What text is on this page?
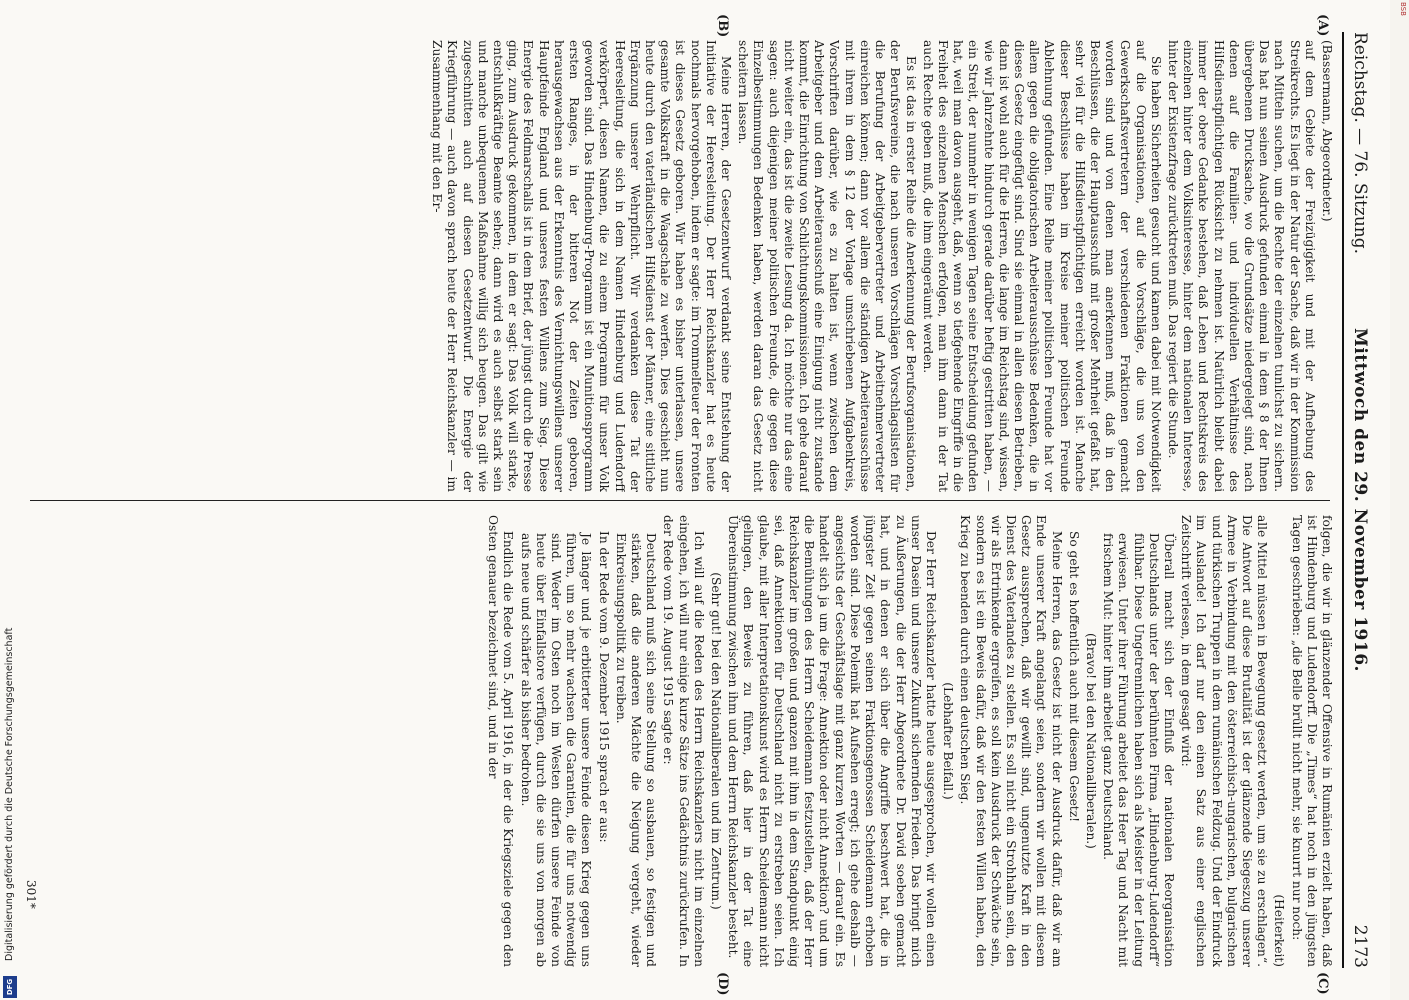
Reichstag. — 76. Sitzung.
Mittwoch den 29. November 1916.
2173
(A)
(B)
(C)
(D)

(Bassermann, Abgeordneter.)

auf dem Gebiete der Freizügigkeit und mit der Aufhebung des Streikrechts. Es liegt in der Natur der Sache, daß wir in der Kommission nach Mitteln suchen, um die Rechte der einzelnen tunlichst zu sichern. Das hat nun seinen Ausdruck gefunden einmal in dem § 8 der Ihnen übergebenen Drucksache, wo die Grundsätze niedergelegt sind, nach denen auf die Familien- und individuellen Verhältnisse des Hilfsdienstpflichtigen Rücksicht zu nehmen ist. Natürlich bleibt dabei immer der obere Gedanke bestehen, daß Leben und Rechtskreis des einzelnen hinter dem Volksinteresse, hinter dem nationalen Interesse, hinter der Existenzfrage zurücktreten muß. Das regiert die Stunde.

Sie haben Sicherheiten gesucht und kamen dabei mit Notwendigkeit auf die Organisationen, auf die Vorschläge, die uns von den Gewerkschaftsvertretern der verschiedenen Fraktionen gemacht worden sind und von denen man anerkennen muß, daß in den Beschlüssen, die der Hauptausschuß mit großer Mehrheit gefaßt hat, sehr viel für die Hilfsdienstpflichtigen erreicht worden ist. Manche dieser Beschlüsse haben im Kreise meiner politischen Freunde Ablehnung gefunden. Eine Reihe meiner politischen Freunde hat vor allem gegen die obligatorischen Arbeiterausschüsse Bedenken, die in dieses Gesetz eingefügt sind. Sind sie einmal in allen diesen Betrieben, dann ist wohl auch für die Herren, die lange im Reichstag sind, wissen, wie wir Jahrzehnte hindurch gerade darüber heftig gestritten haben, — ein Streit, der nunmehr in wenigen Tagen seine Entscheidung gefunden hat, weil man davon ausgeht, daß, wenn so tiefgehende Eingriffe in die Freiheit des einzelnen Menschen erfolgen, man ihm dann in der Tat auch Rechte geben muß, die ihm eingeräumt werden.

Es ist das in erster Reihe die Anerkennung der Berufsorganisationen, der Berufsvereine, die nach unseren Vorschlägen Vorschlagslisten für die Berufung der Arbeitgebervertreter und Arbeitnehmervertreter einreichen können; dann vor allem die ständigen Arbeiterausschüsse mit ihrem in dem § 12 der Vorlage umschriebenen Aufgabenkreis, Vorschriften darüber, wie es zu halten ist, wenn zwischen dem Arbeitgeber und dem Arbeiterausschuß eine Einigung nicht zustande kommt, die Einrichtung von Schlichtungskommissionen. Ich gehe darauf nicht weiter ein, das ist die zweite Lesung da. Ich möchte nur das eine sagen: auch diejenigen meiner politischen Freunde, die gegen diese Einzelbestimmungen Bedenken haben, werden daran das Gesetz nicht scheitern lassen.

Meine Herren, der Gesetzentwurf verdankt seine Entstehung der Initiative der Heeresleitung. Der Herr Reichskanzler hat es heute nochmals hervorgehoben, indem er sagte: im Trommelfeuer der Fronten ist dieses Gesetz geboren. Wir haben es bisher unterlassen, unsere gesamte Volkskraft in die Waagschale zu werfen. Dies geschieht nun heute durch den vaterländischen Hilfsdienst der Männer, eine sittliche Ergänzung unserer Wehrpflicht. Wir verdanken diese Tat der Heeresleitung, die sich in dem Namen Hindenburg und Ludendorff verkörpert, diesen Namen, die zu einem Programm für unser Volk geworden sind. Das Hindenburg-Programm ist ein Munitionsprogramm ersten Ranges, in der bitteren Not der Zeiten geboren, herausgewachsen aus der Erkenntnis des Vernichtungswillens unserer Hauptfeinde England und unseres festen Willens zum Sieg. Diese Energie des Feldmarschalls ist in dem Brief, der jüngst durch die Presse ging, zum Ausdruck gekommen, in dem er sagt: Das Volk will starke, entschlußkräftige Beamte sehen; dann wird es auch selbst stark sein und manche unbequemen Maßnahme willig sich beugen. Das gilt wie zugeschnitten auch auf diesen Gesetzentwurf. Die Energie der Kriegführung — auch davon sprach heute der Herr Reichskanzler — im Zusammenhang mit den Er-

folgen, die wir in glänzender Offensive in Rumänien erzielt haben, daß ist Hindenburg und Ludendorff. Die „Times“ hat noch in den jüngsten Tagen geschrieben: „die Belle brüllt nicht mehr, sie knurrt nur noch:

(Heiterkeit)

alle Mittel müssen in Bewegung gesetzt werden, um sie zu erschlagen“. Die Antwort auf diese Brutalität ist der glänzende Siegeszug unserer Armee in Verbindung mit den österreichisch-ungarischen, bulgarischen und türkischen Truppen in dem rumänischen Feldzug. Und der Eindruck im Auslande! Ich darf nur den einen Satz aus einer englischen Zeitschrift verlesen, in dem gesagt wird:

Überall macht sich der Einfluß der nationalen Reorganisation Deutschlands unter der berühmten Firma „Hindenburg-Ludendorff“ fühlbar. Diese Ungetrennlichen haben sich als Meister in der Leitung erwiesen. Unter ihrer Führung arbeitet das Heer Tag und Nacht mit frischem Mut: hinter ihm arbeitet ganz Deutschland.

(Bravo! bei den Nationalliberalen.)

So geht es hoffentlich auch mit diesem Gesetz!

Meine Herren, das Gesetz ist nicht der Ausdruck dafür, daß wir am Ende unserer Kraft angelangt seien, sondern wir wollen mit diesem Gesetz aussprechen, daß wir gewillt sind, ungenutzte Kraft in den Dienst des Vaterlandes zu stellen. Es soll nicht ein Strohhalm sein, den wir als Ertrinkende ergreifen, es soll kein Ausdruck der Schwäche sein, sondern es ist ein Beweis dafür, daß wir den festen Willen haben, den Krieg zu beenden durch einen deutschen Sieg.

(Lebhafter Beifall.)

Der Herr Reichskanzler hatte heute ausgesprochen, wir wollen einen unser Dasein und unsere Zukunft sichernden Frieden. Das bringt mich zu Äußerungen, die der Herr Abgeordnete Dr. David soeben gemacht hat, und in denen er sich über die Angriffe beschwert hat, die in jüngster Zeit gegen seinen Fraktionsgenossen Scheidemann erhoben worden sind. Diese Polemik hat Aufsehen erregt; ich gehe deshalb — angesichts der Geschäftslage mit ganz kurzen Worten — darauf ein. Es handelt sich ja um die Frage: Annektion oder nicht Annektion? und um die Bemühungen des Herrn Scheidemann festzustellen, daß der Herr Reichskanzler im großen und ganzen mit ihm in dem Standpunkt einig sei, daß Annektionen für Deutschland nicht zu erstreben seien. Ich glaube, mit aller Interpretationskunst wird es Herrn Scheidemann nicht gelingen, den Beweis zu führen, daß hier in der Tat eine Übereinstimmung zwischen ihm und dem Herrn Reichskanzler besteht.

(Sehr gut! bei den Nationalliberalen und im Zentrum.)

Ich will auf die Reden des Herrn Reichskanzlers nicht im einzelnen eingehen, ich will nur einige kurze Sätze ins Gedächtnis zurückrufen. In der Rede vom 19. August 1915 sagte er:

Deutschland muß sich seine Stellung so ausbauen, so festigen und stärken, daß die anderen Mächte die Neigung vergeht, wieder Einkreisungspolitik zu treiben.

In der Rede vom 9. Dezember 1915 sprach er aus:

Je länger und je erbitterter unsere Feinde diesen Krieg gegen uns führen, um so mehr wachsen die Garantien, die für uns notwendig sind. Weder im Osten noch im Westen dürfen unsere Feinde von heute über Einfallstore verfügen, durch die sie uns von morgen ab aufs neue und schärfer als bisher bedrohen.

Endlich die Rede vom 5. April 1916, in der die Kriegsziele gegen den Osten genauer bezeichnet sind, und in der

301*
Digitalisierung gefördert durch die Deutsche Forschungsgemeinschaft
DFG
BSB
